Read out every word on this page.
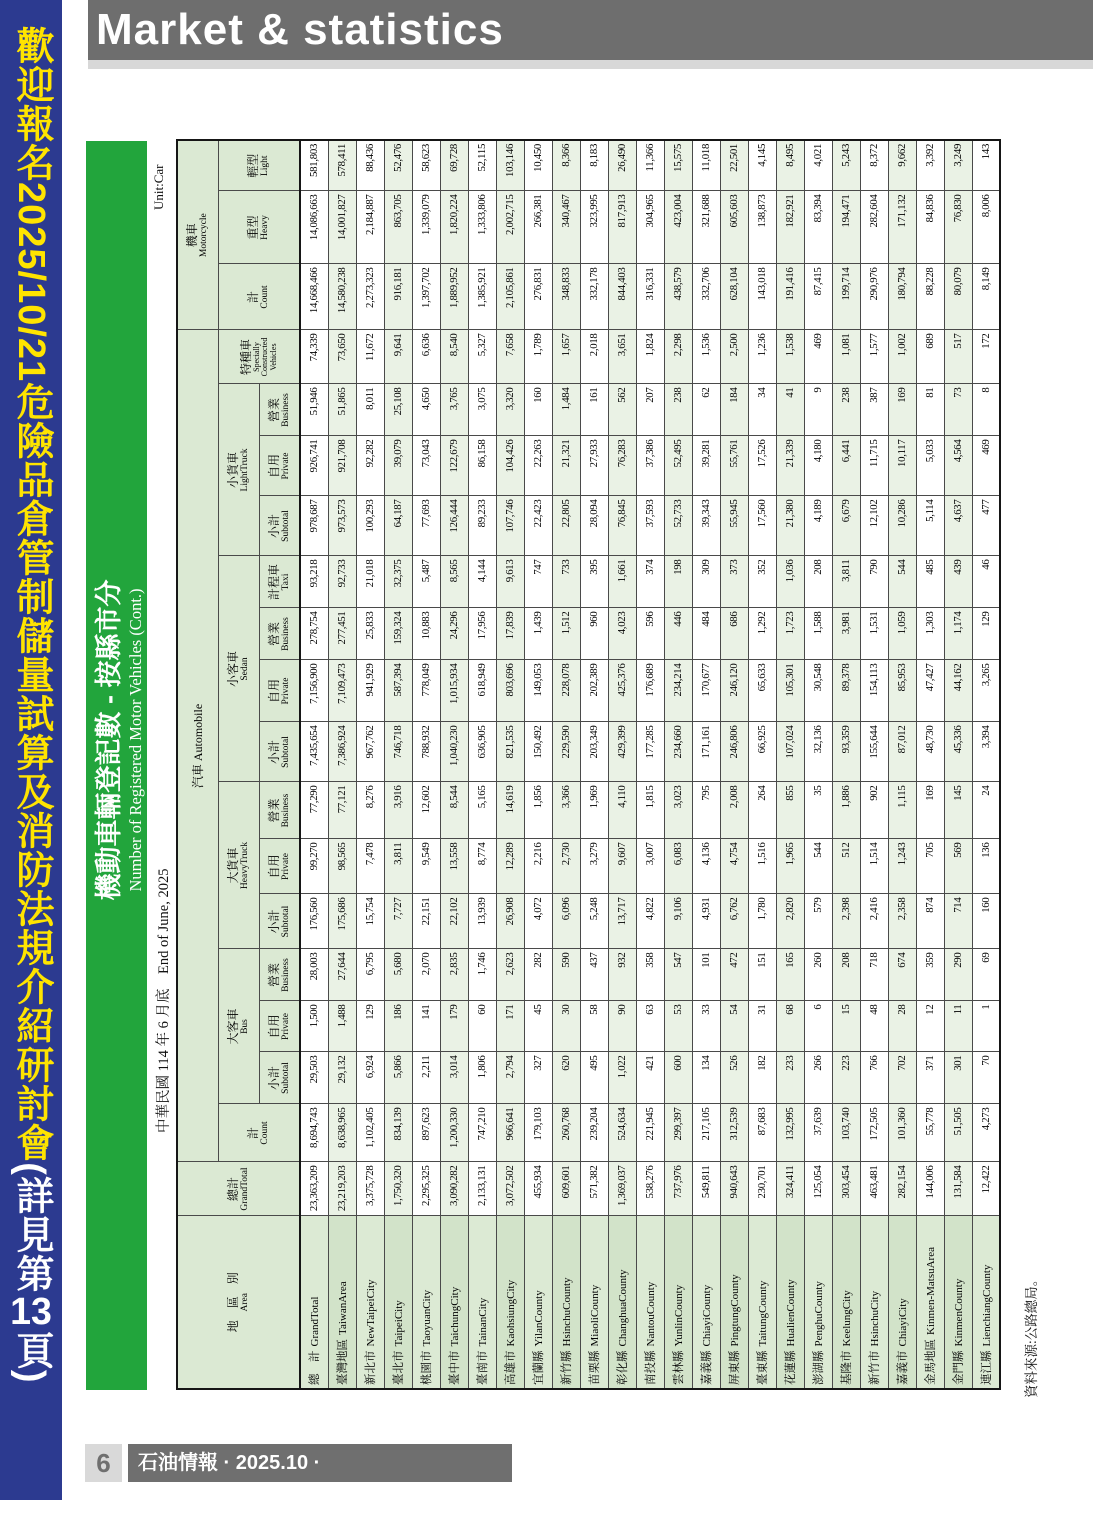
歡迎報名2025/10/21危險品倉管制儲量試算及消防法規介紹研討會(詳見第13頁)
Market & statistics
機動車輛登記數 - 按縣市分 Number of Registered Motor Vehicles (Cont.)
Unit:Car
中華民國 114 年 6 月底　End of June, 2025
資料來源:公路總局。
地　區　別 Area	總計 GrandTotal	汽車 Automobile															機車 Motorcycle		

		計 Count	大客車 Bus			大貨車 HeavyTruck			小客車 Sedan				小貨車 LightTruck			特種車 Specially Constructed Vehicles	計 Count	重型 Heavy	輕型 Light

			小計 Subtotal	自用 Private	營業 Business	小計 Subtotal	自用 Private	營業 Business	小計 Subtotal	自用 Private	營業 Business	計程車 Taxi	小計 Subtotal	自用 Private	營業 Business				

總　計GrandTotal	23,363,209	8,694,743	29,503	1,500	28,003	176,560	99,270	77,290	7,435,654	7,156,900	278,754	93,218	978,687	926,741	51,946	74,339	14,668,466	14,086,663	581,803
臺灣地區TaiwanArea	23,219,203	8,638,965	29,132	1,488	27,644	175,686	98,565	77,121	7,386,924	7,109,473	277,451	92,733	973,573	921,708	51,865	73,650	14,580,238	14,001,827	578,411
新北市NewTaipeiCity	3,375,728	1,102,405	6,924	129	6,795	15,754	7,478	8,276	967,762	941,929	25,833	21,018	100,293	92,282	8,011	11,672	2,273,323	2,184,887	88,436
臺北市TaipeiCity	1,750,320	834,139	5,866	186	5,680	7,727	3,811	3,916	746,718	587,394	159,324	32,375	64,187	39,079	25,108	9,641	916,181	863,705	52,476
桃園市TaoyuanCity	2,295,325	897,623	2,211	141	2,070	22,151	9,549	12,602	788,932	778,049	10,883	5,487	77,693	73,043	4,650	6,636	1,397,702	1,339,079	58,623
臺中市TaichungCity	3,090,282	1,200,330	3,014	179	2,835	22,102	13,558	8,544	1,040,230	1,015,934	24,296	8,565	126,444	122,679	3,765	8,540	1,889,952	1,820,224	69,728
臺南市TainanCity	2,133,131	747,210	1,806	60	1,746	13,939	8,774	5,165	636,905	618,949	17,956	4,144	89,233	86,158	3,075	5,327	1,385,921	1,333,806	52,115
高雄市KaohsiungCity	3,072,502	966,641	2,794	171	2,623	26,908	12,289	14,619	821,535	803,696	17,839	9,613	107,746	104,426	3,320	7,658	2,105,861	2,002,715	103,146
宜蘭縣YilanCounty	455,934	179,103	327	45	282	4,072	2,216	1,856	150,492	149,053	1,439	747	22,423	22,263	160	1,789	276,831	266,381	10,450
新竹縣HsinchuCounty	609,601	260,768	620	30	590	6,096	2,730	3,366	229,590	228,078	1,512	733	22,805	21,321	1,484	1,657	348,833	340,467	8,366
苗栗縣MiaoliCounty	571,382	239,204	495	58	437	5,248	3,279	1,969	203,349	202,389	960	395	28,094	27,933	161	2,018	332,178	323,995	8,183
彰化縣ChanghuaCounty	1,369,037	524,634	1,022	90	932	13,717	9,607	4,110	429,399	425,376	4,023	1,661	76,845	76,283	562	3,651	844,403	817,913	26,490
南投縣NantouCounty	538,276	221,945	421	63	358	4,822	3,007	1,815	177,285	176,689	596	374	37,593	37,386	207	1,824	316,331	304,965	11,366
雲林縣YunlinCounty	737,976	299,397	600	53	547	9,106	6,083	3,023	234,660	234,214	446	198	52,733	52,495	238	2,298	438,579	423,004	15,575
嘉義縣ChiayiCounty	549,811	217,105	134	33	101	4,931	4,136	795	171,161	170,677	484	309	39,343	39,281	62	1,536	332,706	321,688	11,018
屏東縣PingtungCounty	940,643	312,539	526	54	472	6,762	4,754	2,008	246,806	246,120	686	373	55,945	55,761	184	2,500	628,104	605,603	22,501
臺東縣TaitungCounty	230,701	87,683	182	31	151	1,780	1,516	264	66,925	65,633	1,292	352	17,560	17,526	34	1,236	143,018	138,873	4,145
花蓮縣HualienCounty	324,411	132,995	233	68	165	2,820	1,965	855	107,024	105,301	1,723	1,036	21,380	21,339	41	1,538	191,416	182,921	8,495
澎湖縣PenghuCounty	125,054	37,639	266	6	260	579	544	35	32,136	30,548	1,588	208	4,189	4,180	9	469	87,415	83,394	4,021
基隆市KeelungCity	303,454	103,740	223	15	208	2,398	512	1,886	93,359	89,378	3,981	3,811	6,679	6,441	238	1,081	199,714	194,471	5,243
新竹市HsinchuCity	463,481	172,505	766	48	718	2,416	1,514	902	155,644	154,113	1,531	790	12,102	11,715	387	1,577	290,976	282,604	8,372
嘉義市ChiayiCity	282,154	101,360	702	28	674	2,358	1,243	1,115	87,012	85,953	1,059	544	10,286	10,117	169	1,002	180,794	171,132	9,662
金馬地區Kinmen-MatsuArea	144,006	55,778	371	12	359	874	705	169	48,730	47,427	1,303	485	5,114	5,033	81	689	88,228	84,836	3,392
金門縣KinmenCounty	131,584	51,505	301	11	290	714	569	145	45,336	44,162	1,174	439	4,637	4,564	73	517	80,079	76,830	3,249
連江縣LienchiangCounty	12,422	4,273	70	1	69	160	136	24	3,394	3,265	129	46	477	469	8	172	8,149	8,006	143
6	石油情報 · 2025.10 · https://www.oil.net.tw
